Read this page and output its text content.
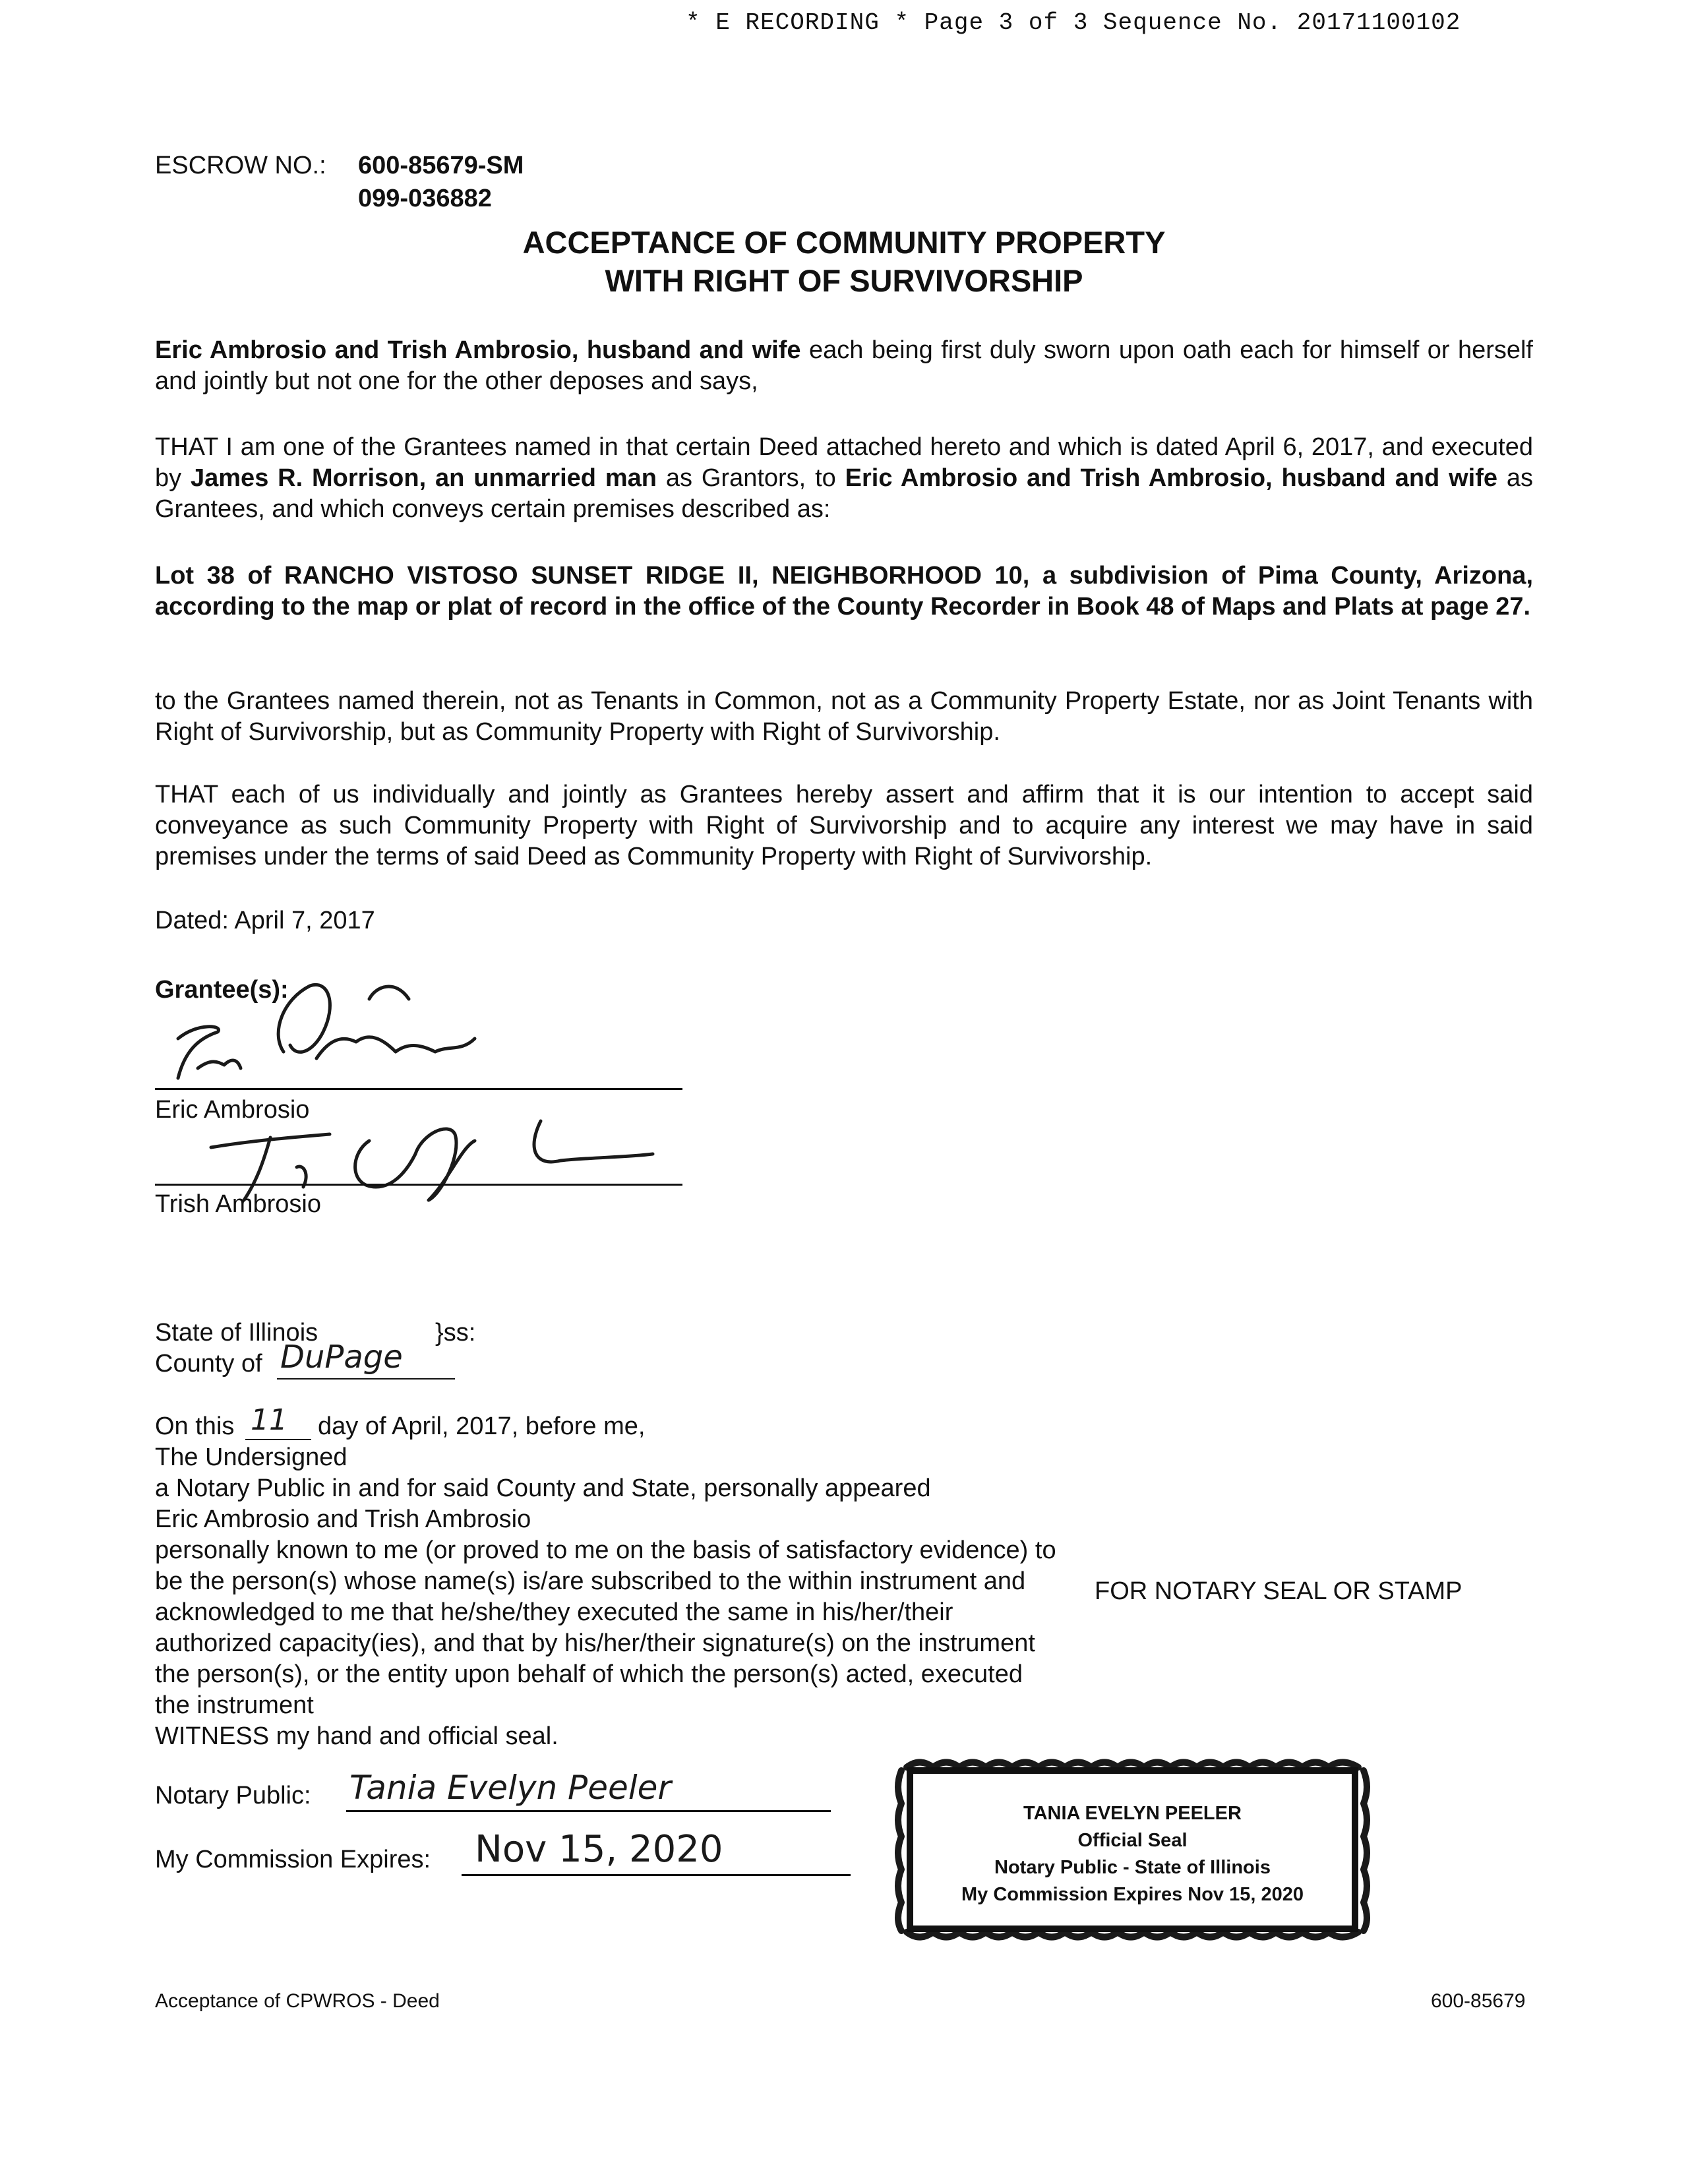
* E RECORDING * Page 3 of 3 Sequence No. 20171100102
ESCROW NO.: 600-85679-SM
099-036882
ACCEPTANCE OF COMMUNITY PROPERTY
WITH RIGHT OF SURVIVORSHIP
Eric Ambrosio and Trish Ambrosio, husband and wife each being first duly sworn upon oath each for himself or herself and jointly but not one for the other deposes and says,
THAT I am one of the Grantees named in that certain Deed attached hereto and which is dated April 6, 2017, and executed by James R. Morrison, an unmarried man as Grantors, to Eric Ambrosio and Trish Ambrosio, husband and wife as Grantees, and which conveys certain premises described as:
Lot 38 of RANCHO VISTOSO SUNSET RIDGE II, NEIGHBORHOOD 10, a subdivision of Pima County, Arizona, according to the map or plat of record in the office of the County Recorder in Book 48 of Maps and Plats at page 27.
to the Grantees named therein, not as Tenants in Common, not as a Community Property Estate, nor as Joint Tenants with Right of Survivorship, but as Community Property with Right of Survivorship.
THAT each of us individually and jointly as Grantees hereby assert and affirm that it is our intention to accept said conveyance as such Community Property with Right of Survivorship and to acquire any interest we may have in said premises under the terms of said Deed as Community Property with Right of Survivorship.
Dated: April 7, 2017
Grantee(s):
Eric Ambrosio
Trish Ambrosio
State of Illinois	}ss:
County of DuPage
On this 11 day of April, 2017, before me,
The Undersigned
a Notary Public in and for said County and State, personally appeared
Eric Ambrosio and Trish Ambrosio
personally known to me (or proved to me on the basis of satisfactory evidence) to be the person(s) whose name(s) is/are subscribed to the within instrument and acknowledged to me that he/she/they executed the same in his/her/their authorized capacity(ies), and that by his/her/their signature(s) on the instrument the person(s), or the entity upon behalf of which the person(s) acted, executed the instrument
WITNESS my hand and official seal.
Notary Public: Tania Evelyn Peeler
My Commission Expires: Nov 15, 2020
FOR NOTARY SEAL OR STAMP
TANIA EVELYN PEELER
Official Seal
Notary Public - State of Illinois
My Commission Expires Nov 15, 2020
Acceptance of CPWROS - Deed	600-85679
